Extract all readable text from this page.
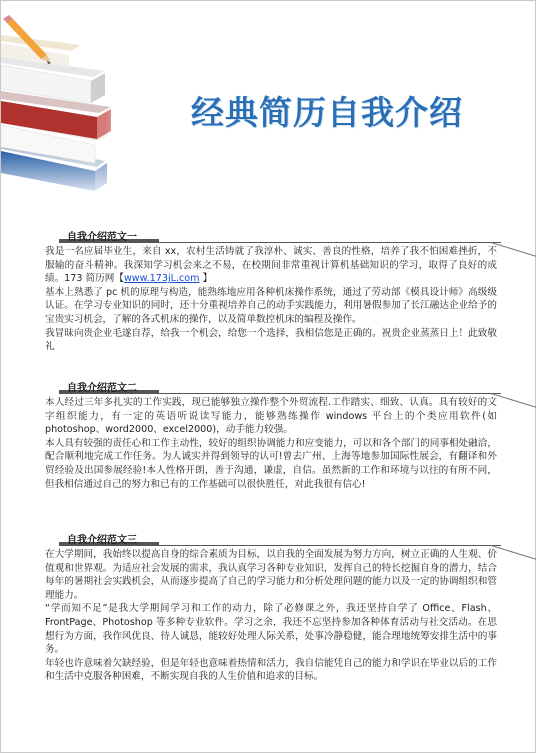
经典简历自我介绍
自我介绍范文一

我是一名应届毕业生，来自 xx，农村生活铸就了我淳朴、诚实、善良的性格，培养了我不怕困难挫折，不服输的奋斗精神。我深知学习机会来之不易，在校期间非常重视计算机基础知识的学习，取得了良好的成绩。173 简历网【www.173jL.com 】

基本上熟悉了 pc 机的原理与构造，能熟练地应用各种机床操作系统，通过了劳动部《模具设计师》高级级认证。在学习专业知识的同时，还十分重视培养自己的动手实践能力，利用暑假参加了长江融达企业给予的宝贵实习机会，了解的各式机床的操作，以及简单数控机床的编程及操作。

我冒昧向贵企业毛遂自荐，给我一个机会，给您一个选择，我相信您是正确的。祝贵企业蒸蒸日上！此致敬礼

自我介绍范文二

本人经过三年多扎实的工作实践，现已能够独立操作整个外贸流程.工作踏实、细致、认真。具有较好的文字组织能力，有一定的英语听说读写能力，能够熟练操作 windows 平台上的个类应用软件(如 photoshop、word2000、excel2000)，动手能力较强。

本人具有较强的责任心和工作主动性，较好的组织协调能力和应变能力，可以和各个部门的同事相处融洽，配合顺利地完成工作任务。为人诚实并得到领导的认可!曾去广州、上海等地参加国际性展会，有翻译和外贸经验及出国参展经验!本人性格开朗，善于沟通，谦虚，自信。虽然新的工作和环境与以往的有所不同，但我相信通过自己的努力和已有的工作基础可以很快胜任，对此我很有信心!

自我介绍范文三

在大学期间，我始终以提高自身的综合素质为目标，以自我的全面发展为努力方向，树立正确的人生观、价值观和世界观。为适应社会发展的需求，我认真学习各种专业知识，发挥自己的特长挖掘自身的潜力，结合每年的暑期社会实践机会，从而逐步提高了自己的学习能力和分析处理问题的能力以及一定的协调组织和管理能力。

“学而知不足”是我大学期间学习和工作的动力，除了必修课之外，我还坚持自学了 Office、Flash、FrontPage、Photoshop 等多种专业软件。学习之余，我还不忘坚持参加各种体育活动与社交活动。在思想行为方面，我作风优良、待人诚恳，能较好处理人际关系，处事冷静稳健，能合理地统筹安排生活中的事务。

年轻也许意味着欠缺经验，但是年轻也意味着热情和活力，我自信能凭自己的能力和学识在毕业以后的工作和生活中克服各种困难，不断实现自我的人生价值和追求的目标。
